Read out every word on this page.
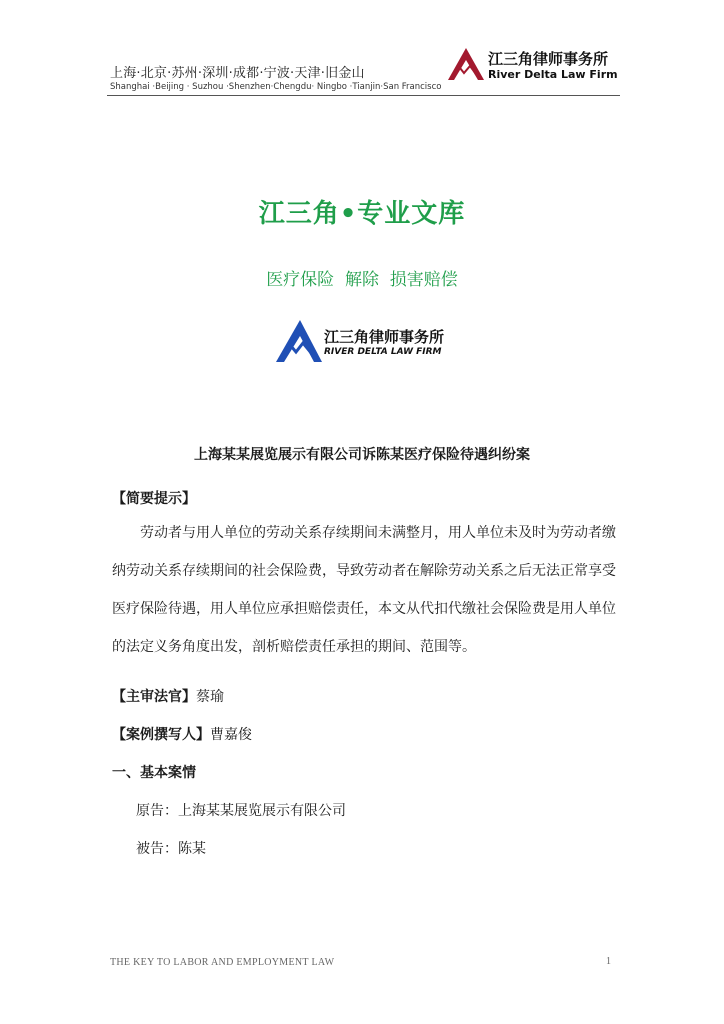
上海·北京·苏州·深圳·成都·宁波·天津·旧金山
Shanghai ·Beijing · Suzhou ·Shenzhen·Chengdu· Ningbo ·Tianjin·San Francisco
江三角律师事务所
River Delta Law Firm
江三角•专业文库
医疗保险  解除  损害赔偿
江三角律师事务所
RIVER DELTA LAW FIRM
上海某某展览展示有限公司诉陈某医疗保险待遇纠纷案
【简要提示】
劳动者与用人单位的劳动关系存续期间未满整月，用人单位未及时为劳动者缴纳劳动关系存续期间的社会保险费，导致劳动者在解除劳动关系之后无法正常享受医疗保险待遇，用人单位应承担赔偿责任，本文从代扣代缴社会保险费是用人单位的法定义务角度出发，剖析赔偿责任承担的期间、范围等。
【主审法官】蔡瑜
【案例撰写人】曹嘉俊
一、基本案情
原告：上海某某展览展示有限公司
被告：陈某
THE KEY TO LABOR AND EMPLOYMENT LAW	1
